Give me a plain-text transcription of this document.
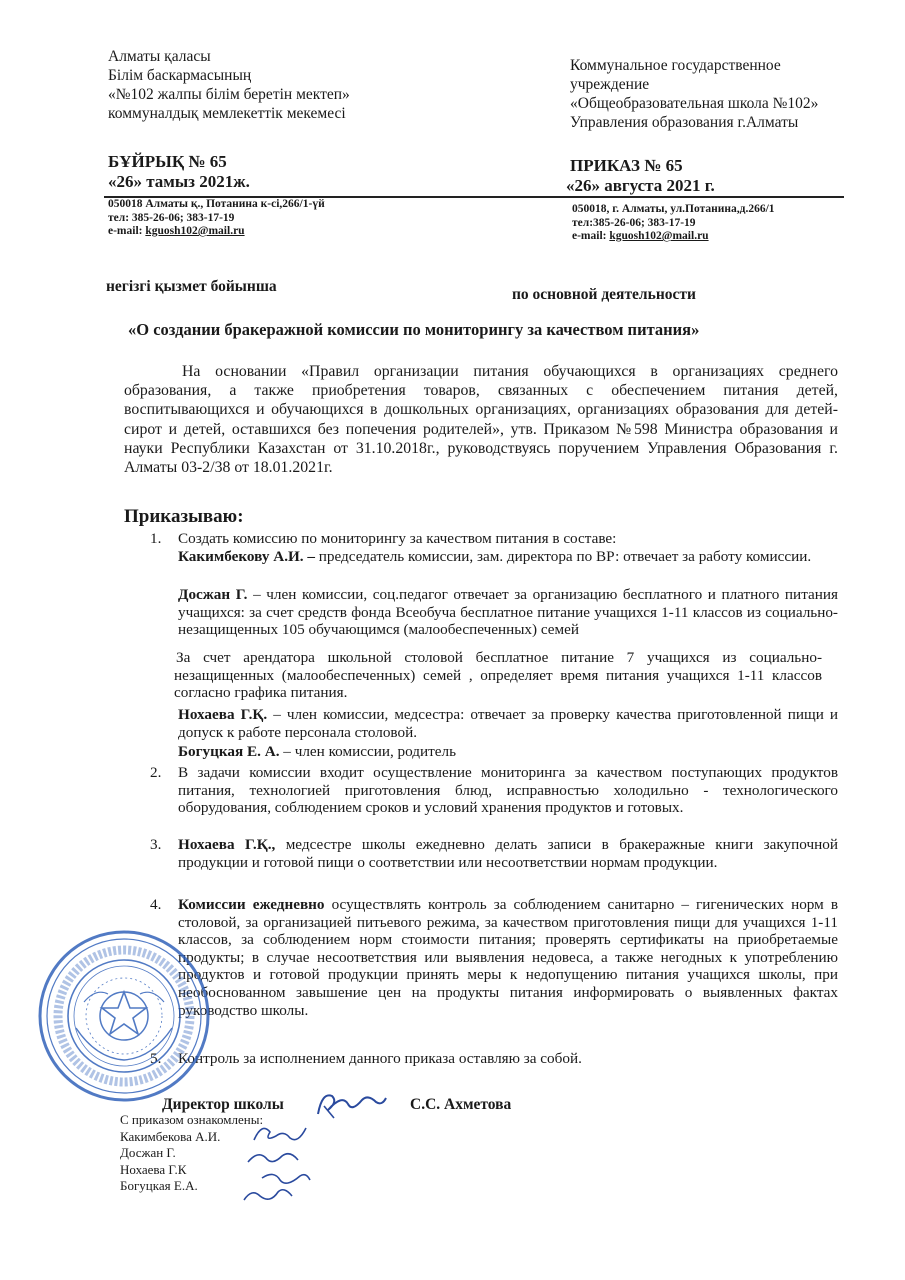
Алматы қаласы
Білім баскармасының
«№102 жалпы білім беретін мектеп»
коммуналдық мемлекеттік мекемесі
БҰЙРЫҚ № 65
«26» тамыз 2021ж.
Коммунальное государственное
учреждение
«Общеобразовательная школа №102»
Управления образования г.Алматы
ПРИКАЗ № 65
«26» августа 2021 г.
050018 Алматы қ., Потанина к-сі,266/1-үй
тел: 385-26-06; 383-17-19
e-mail: kguosh102@mail.ru
050018, г. Алматы, ул.Потанина,д.266/1
тел:385-26-06; 383-17-19
e-mail: kguosh102@mail.ru
негізгі қызмет бойынша	по основной деятельности
«О создании бракеражной комиссии по мониторингу за качеством питания»
На основании «Правил организации питания обучающихся в организациях среднего образования, а также приобретения товаров, связанных с обеспечением питания детей, воспитывающихся и обучающихся в дошкольных организациях, организациях образования для детей-сирот и детей, оставшихся без попечения родителей», утв. Приказом №598 Министра образования и науки Республики Казахстан от 31.10.2018г., руководствуясь поручением Управления Образования г. Алматы 03-2/38 от 18.01.2021г.
Приказываю:
1. Создать комиссию по мониторингу за качеством питания в составе:
Какимбекову А.И. – председатель комиссии, зам. директора по ВР: отвечает за работу комиссии.
Досжан Г. – член комиссии, соц.педагог отвечает за организацию бесплатного и платного питания учащихся: за счет средств фонда Всеобуча бесплатное питание учащихся 1-11 классов из социально-незащищенных 105 обучающимся (малообеспеченных) семей
За счет арендатора школьной столовой бесплатное питание 7 учащихся из социально-незащищенных (малообеспеченных) семей , определяет время питания учащихся 1-11 классов согласно графика питания.
Нохаева Г.Қ. – член комиссии, медсестра: отвечает за проверку качества приготовленной пищи и допуск к работе персонала столовой.
Богуцкая Е. А. – член комиссии, родитель
2. В задачи комиссии входит осуществление мониторинга за качеством поступающих продуктов питания, технологией приготовления блюд, исправностью холодильно - технологического оборудования, соблюдением сроков и условий хранения продуктов и готовых.
3. Нохаева Г.Қ., медсестре школы ежедневно делать записи в бракеражные книги закупочной продукции и готовой пищи о соответствии или несоответствии нормам продукции.
4. Комиссии ежедневно осуществлять контроль за соблюдением санитарно – гигенических норм в столовой, за организацией питьевого режима, за качеством приготовления пищи для учащихся 1-11 классов, за соблюдением норм стоимости питания; проверять сертификаты на приобретаемые продукты; в случае несоответствия или выявления недовеса, а также негодных к употреблению продуктов и готовой продукции принять меры к недопущению питания учащихся школы, при необоснованном завышение цен на продукты питания информировать о выявленных фактах руководство школы.
5. Контроль за исполнением данного приказа оставляю за собой.
Директор школы	С.С. Ахметова
С приказом ознакомлены:
Какимбекова А.И.
Досжан Г.
Нохаева Г.К
Богуцкая Е.А.
